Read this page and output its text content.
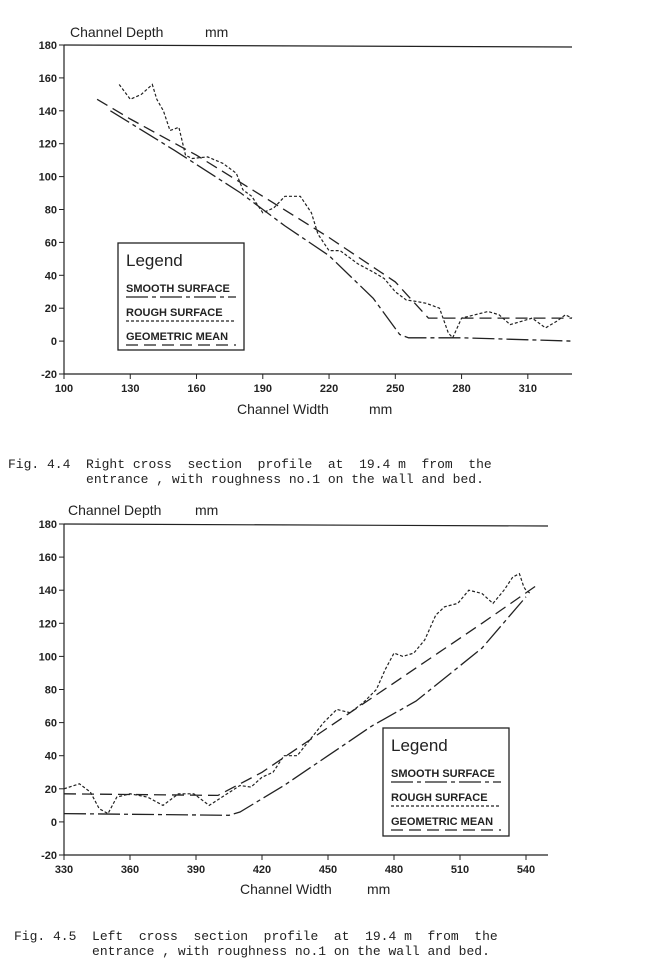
-20
0
20
40
60
80
100
120
140
160
180
100	130	160	190	220	250	280	310
Channel Depth	mm
Channel Width	mm
Legend
SMOOTH SURFACE
ROUGH SURFACE
GEOMETRIC MEAN
Fig. 4.4 Right cross  section  profile  at  19.4 m  from  the
entrance , with roughness no.1 on the wall and bed.
-20
0
20
40
60
80
100
120
140
160
180
330	360	390	420	450	480	510	540
Channel Depth mm
Channel Width	mm
Legend
SMOOTH SURFACE
ROUGH SURFACE
GEOMETRIC MEAN
Fig. 4.5 Left  cross  section  profile  at  19.4 m  from  the
entrance , with roughness no.1 on the wall and bed.
